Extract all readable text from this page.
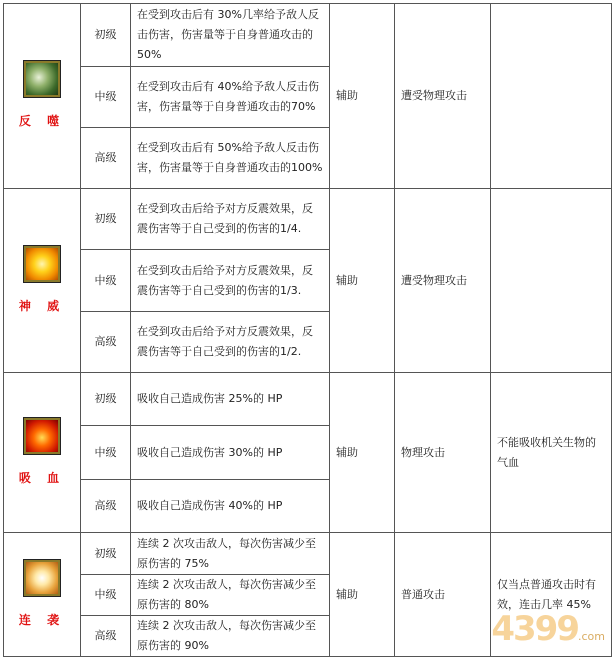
反 噬	初级	在受到攻击后有 30%几率给予敌人反击伤害，伤害量等于自身普通攻击的50%	辅助	遭受物理攻击	
	中级	在受到攻击后有 40%给予敌人反击伤害，伤害量等于自身普通攻击的70%			
	高级	在受到攻击后有 50%给予敌人反击伤害，伤害量等于自身普通攻击的100%			

神 威	初级	在受到攻击后给予对方反震效果，反震伤害等于自己受到的伤害的1/4.	辅助	遭受物理攻击	
	中级	在受到攻击后给予对方反震效果，反震伤害等于自己受到的伤害的1/3.			
	高级	在受到攻击后给予对方反震效果，反震伤害等于自己受到的伤害的1/2.			

吸 血	初级	吸收自己造成伤害 25%的 HP	辅助	物理攻击	不能吸收机关生物的气血
	中级	吸收自己造成伤害 30%的 HP			
	高级	吸收自己造成伤害 40%的 HP			

连 袭	初级	连续 2 次攻击敌人，每次伤害减少至原伤害的 75%	辅助	普通攻击	仅当点普通攻击时有效，连击几率 45%
	中级	连续 2 次攻击敌人，每次伤害减少至原伤害的 80%			
	高级	连续 2 次攻击敌人，每次伤害减少至原伤害的 90%				4399.com
